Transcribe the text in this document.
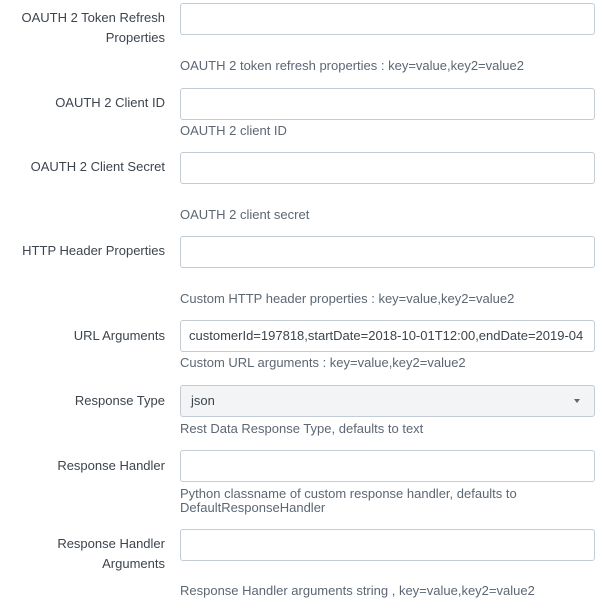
OAUTH 2 Token Refresh Properties
OAUTH 2 token refresh properties : key=value,key2=value2
OAUTH 2 Client ID
OAUTH 2 client ID
OAUTH 2 Client Secret
OAUTH 2 client secret
HTTP Header Properties
Custom HTTP header properties : key=value,key2=value2
URL Arguments	customerId=197818,startDate=2018-10-01T12:00,endDate=2019-04
Custom URL arguments : key=value,key2=value2
Response Type	json
Rest Data Response Type, defaults to text
Response Handler
Python classname of custom response handler, defaults to DefaultResponseHandler
Response Handler Arguments
Response Handler arguments string , key=value,key2=value2
